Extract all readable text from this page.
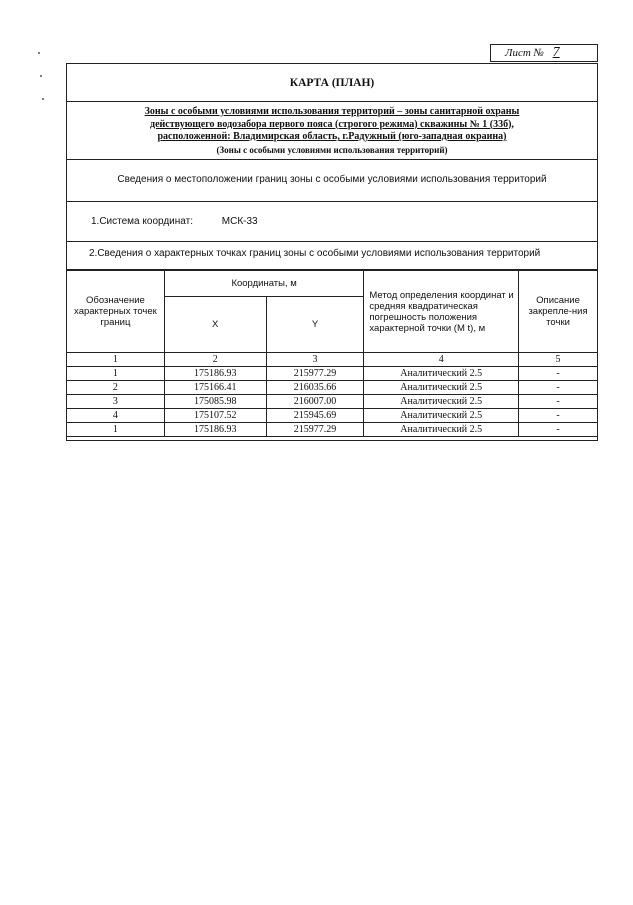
Лист № 7
КАРТА (ПЛАН)
Зоны с особыми условиями использования территорий – зоны санитарной охраны
действующего водозабора первого пояса (строгого режима) скважины № 1 (33б),
расположенной: Владимирская область, г.Радужный (юго-западная окраина)
(Зоны с особыми условиями использования территорий)
Сведения о местоположении границ зоны с особыми условиями использования территорий
1.Система координат:	МСК-33
2.Сведения о характерных точках границ зоны с особыми условиями использования территорий
Обозначение характерных точек границ	Координаты, м		Метод определения координат и средняя квадратическая погрешность положения характерной точки (M t), м	Описание закрепле-ния точки
	X	Y		
1	2	3	4	5
1	175186.93	215977.29	Аналитический 2.5	-
2	175166.41	216035.66	Аналитический 2.5	-
3	175085.98	216007.00	Аналитический 2.5	-
4	175107.52	215945.69	Аналитический 2.5	-
1	175186.93	215977.29	Аналитический 2.5	-
